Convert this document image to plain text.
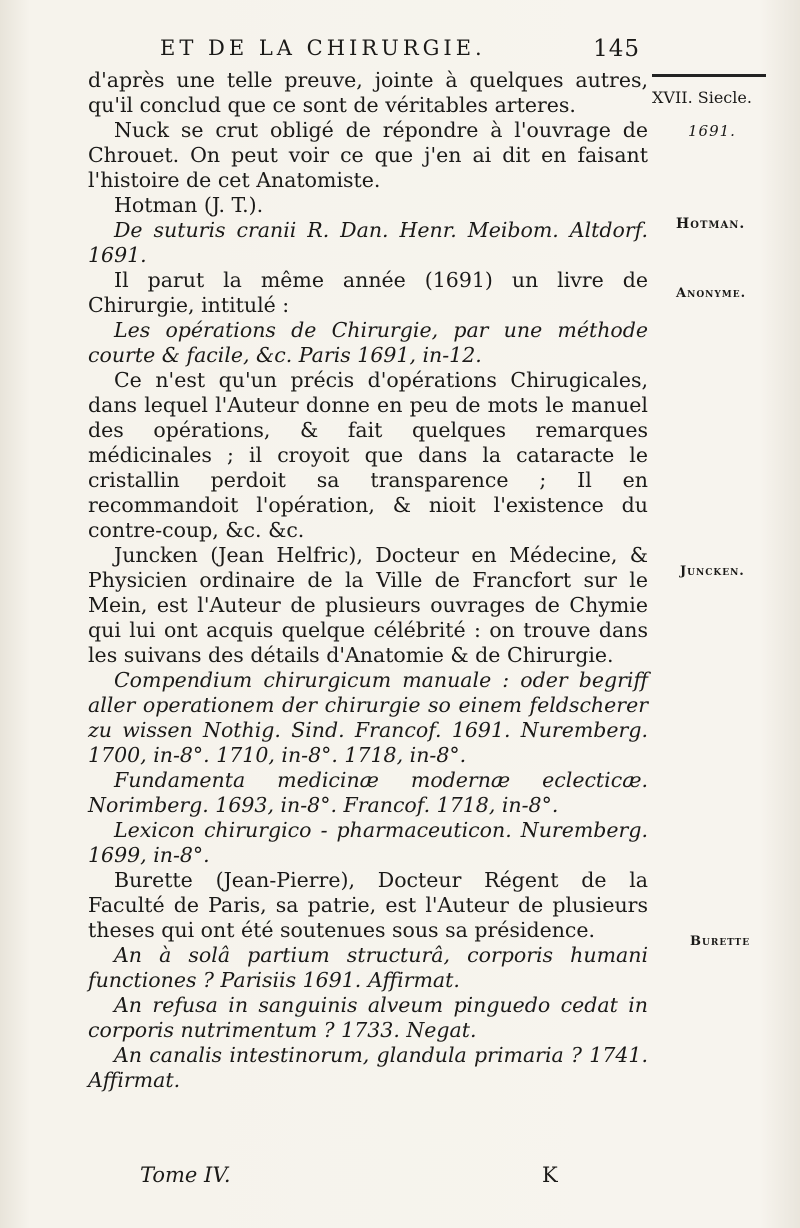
ET DE LA CHIRURGIE.	145
XVII. Siecle.
1691.
Hotman.
Anonyme.
Juncken.
Burette

d'après une telle preuve, jointe à quelques autres, qu'il conclud que ce sont de véritables arteres.

Nuck se crut obligé de répondre à l'ouvrage de Chrouet. On peut voir ce que j'en ai dit en faisant l'histoire de cet Anatomiste.

Hotman (J. T.).

De suturis cranii R. Dan. Henr. Meibom. Altdorf. 1691.

Il parut la même année (1691) un livre de Chirurgie, intitulé :

Les opérations de Chirurgie, par une méthode courte & facile, &c. Paris 1691, in-12.

Ce n'est qu'un précis d'opérations Chirugicales, dans lequel l'Auteur donne en peu de mots le manuel des opérations, & fait quelques remarques médicinales ; il croyoit que dans la cataracte le cristallin perdoit sa transparence ; Il en recommandoit l'opération, & nioit l'existence du contre-coup, &c. &c.

Juncken (Jean Helfric), Docteur en Médecine, & Physicien ordinaire de la Ville de Francfort sur le Mein, est l'Auteur de plusieurs ouvrages de Chymie qui lui ont acquis quelque célébrité : on trouve dans les suivans des détails d'Anatomie & de Chirurgie.

Compendium chirurgicum manuale : oder begriff aller operationem der chirurgie so einem feldscherer zu wissen Nothig. Sind. Francof. 1691. Nuremberg. 1700, in-8°. 1710, in-8°. 1718, in-8°.

Fundamenta medicinæ modernæ eclecticæ. Norimberg. 1693, in-8°. Francof. 1718, in-8°.

Lexicon chirurgico - pharmaceuticon. Nuremberg. 1699, in-8°.

Burette (Jean-Pierre), Docteur Régent de la Faculté de Paris, sa patrie, est l'Auteur de plusieurs theses qui ont été soutenues sous sa présidence.

An à solâ partium structurâ, corporis humani functiones ? Parisiis 1691. Affirmat.

An refusa in sanguinis alveum pinguedo cedat in corporis nutrimentum ? 1733. Negat.

An canalis intestinorum, glandula primaria ? 1741. Affirmat.

Tome IV.	K
